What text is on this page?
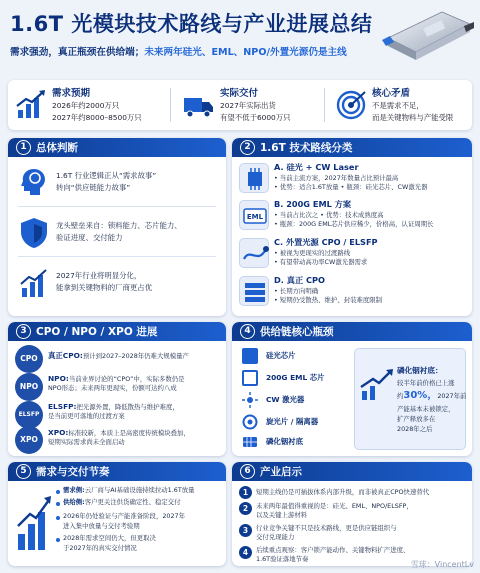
1.6T 光模块技术路线与产业进展总结
需求强劲，真正瓶颈在供给端；未来两年硅光、EML、NPO/外置光源仍是主线
需求预期
2026年约2000万只
2027年约8000–8500万只
实际交付
2027年实际出货
有望不低于6000万只
核心矛盾
不是需求不足，
而是关键物料与产能受限
1 总体判断
1.6T 行业逻辑正从“需求故事”
转向“供应链能力故事”
龙头壁垒来自：锁料能力、芯片能力、
验证进度、交付能力
2027年行业将明显分化，
能拿到关键物料的厂商更占优
2 1.6T 技术路线分类
A. 硅光 + CW Laser
• 当前主流方案，2027年数量占比预计最高
• 优势：适合1.6T放量 • 瓶颈：硅光芯片、CW激光器
EML
B. 200G EML 方案
• 当前占比次之 • 优势：技术成熟度高
• 瓶颈：200G EML芯片供应稀少，价格高，认证周期长
C. 外置光源 CPO / ELSFP
• 被视为更现实的过渡路线
• 有望带动高功率CW激光器需求
D. 真正 CPO
• 长期方向明确
• 短期仍受散热、维护、封装难度限制
3 CPO / NPO / XPO 进展
CPO	真正CPO:预计到2027–2028年仍难大规模量产
NPO
NPO:当前业界讨论的“CPO”中，实际多数仍是
NPO形态；未来两年更现实，份额可达约八成
ELSFP
ELSFP:把光源外置，降低散热与维护难度，
是当前更可落地的过渡方案
XPO
XPO:标准较新，本质上是高密度传统模块叠加，
短期实际需求尚未全面启动
4 供给链核心瓶颈
硅光芯片
200G EML 芯片
CW 激光器
旋光片 / 隔离器
磷化铟衬底
磷化铟衬底：
较半年前价格已上涨
约30%，2027年前
产能基本未被锁定，
扩产释放多在
2028年之后
5 需求与交付节奏
需求侧:云厂商与AI基础设施持续拉动1.6T放量
供给侧:客户更关注供货确定性、稳定交付
2026年仍处验证与产能准备阶段，2027年
进入集中放量与交付考验期
2028年需求空间仍大，但更取决
于2027年的真实交付情况
6 产业启示
1	短期主线仍是可插拔体系内部升级，而非被真正CPO快速替代
2	未来两年最值得重视的是：硅光、EML、NPO/ELSFP，
以及关键上游材料
3	行业竞争关键不只是技术路线，更是供应链组织与
交付兑现能力
4	后续重点观察：客户锁产能动作、关键物料扩产进度、
1.6T验证落地节奏
雪球：VincentLv
